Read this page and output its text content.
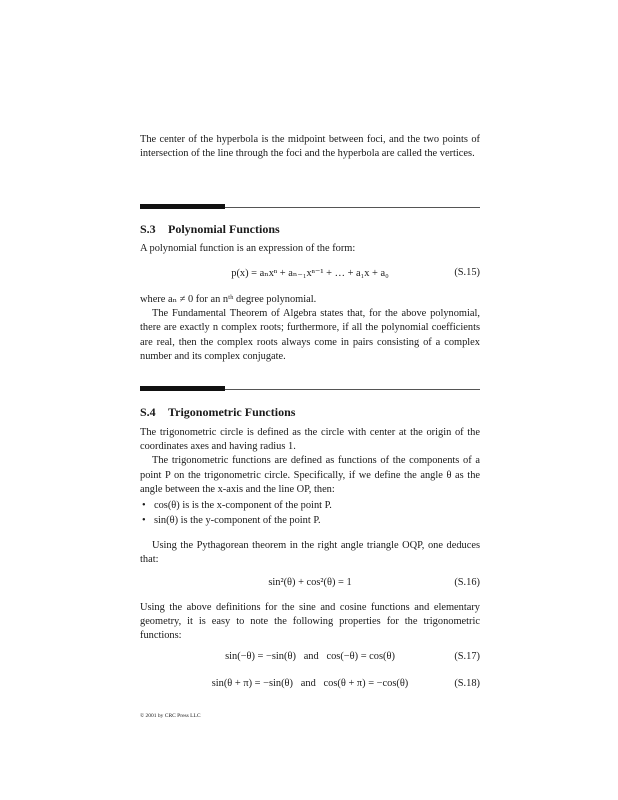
The center of the hyperbola is the midpoint between foci, and the two points of intersection of the line through the foci and the hyperbola are called the vertices.

S.3 Polynomial Functions

A polynomial function is an expression of the form:

p(x) = aₙxⁿ + aₙ₋₁xⁿ⁻¹ + … + a₁x + a₀	(S.15)

where aₙ ≠ 0 for an nᵗʰ degree polynomial.

The Fundamental Theorem of Algebra states that, for the above polynomial, there are exactly n complex roots; furthermore, if all the polynomial coefficients are real, then the complex roots always come in pairs consisting of a complex number and its complex conjugate.

S.4 Trigonometric Functions

The trigonometric circle is defined as the circle with center at the origin of the coordinates axes and having radius 1.

The trigonometric functions are defined as functions of the components of a point P on the trigonometric circle. Specifically, if we define the angle θ as the angle between the x-axis and the line OP, then:

• cos(θ) is is the x-component of the point P.
• sin(θ) is the y-component of the point P.

Using the Pythagorean theorem in the right angle triangle OQP, one deduces that:

sin²(θ) + cos²(θ) = 1	(S.16)

Using the above definitions for the sine and cosine functions and elementary geometry, it is easy to note the following properties for the trigonometric functions:

sin(−θ) = −sin(θ)   and   cos(−θ) = cos(θ)	(S.17)
sin(θ + π) = −sin(θ)   and   cos(θ + π) = −cos(θ)	(S.18)
© 2001 by CRC Press LLC
